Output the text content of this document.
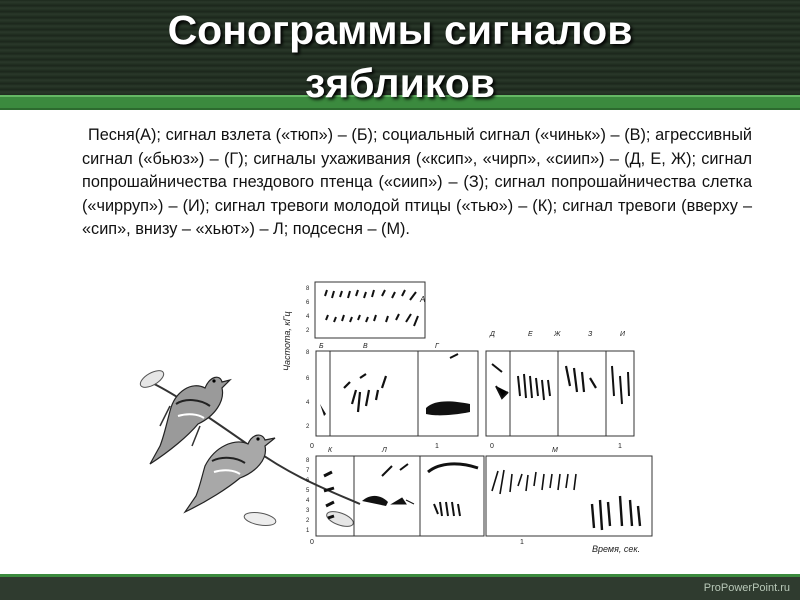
Сонограммы сигналов
зябликов
Песня(А); сигнал взлета («тюп») – (Б); социальный сигнал («чиньк») – (В); агрессивный сигнал («бьюз») – (Г); сигналы ухаживания («ксип», «чирп», «сиип») – (Д, Е, Ж); сигнал попрошайничества гнездового птенца («сиип») – (З); сигнал попрошайничества слетка («чирруп») – (И); сигнал тревоги молодой птицы («тью») – (К); сигнал тревоги (вверху – «сип», внизу – «хьют») – Л; подсесня – (М).
Частота, кГц
Время, сек.
А
8
6
4
2
8
6
4
2
0
Б	В	Г
Д	Е	Ж	З	И
0	1
1
8
7
6
5
4
3
2
1
0
К	Л	М
1
ProPowerPoint.ru
